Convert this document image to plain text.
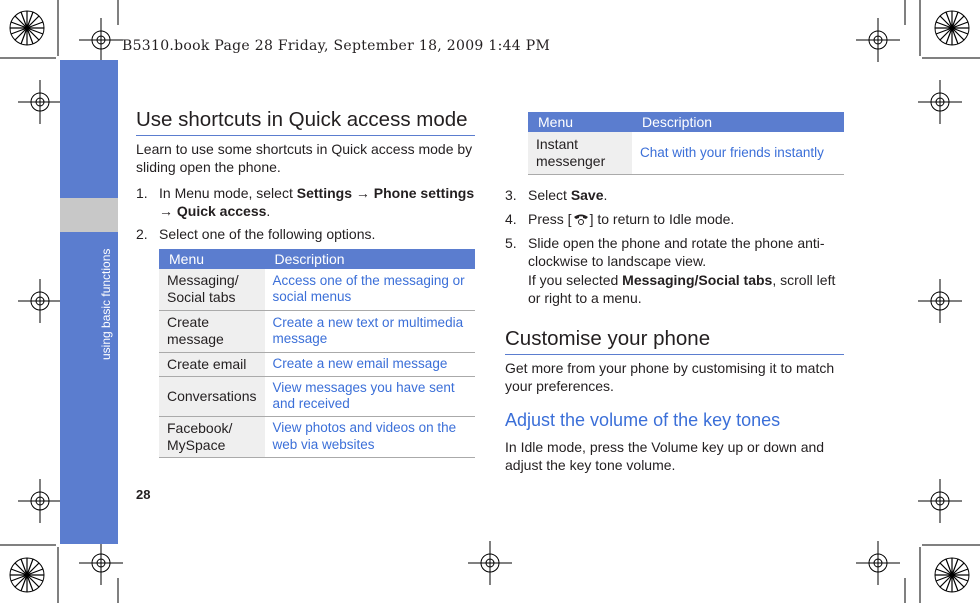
B5310.book Page 28 Friday, September 18, 2009 1:44 PM
using basic functions
28
Use shortcuts in Quick access mode
Learn to use some shortcuts in Quick access mode by sliding open the phone.
1. In Menu mode, select Settings → Phone settings → Quick access.
2. Select one of the following options.
Menu	Description
Messaging/ Social tabs	Access one of the messaging or social menus
Create message	Create a new text or multimedia message
Create email	Create a new email message
Conversations	View messages you have sent and received
Facebook/ MySpace	View photos and videos on the web via websites
Menu	Description
Instant messenger	Chat with your friends instantly
3. Select Save.
4. Press [ ] to return to Idle mode.
5. Slide open the phone and rotate the phone anti-clockwise to landscape view.
If you selected Messaging/Social tabs, scroll left or right to a menu.
Customise your phone
Get more from your phone by customising it to match your preferences.
Adjust the volume of the key tones
In Idle mode, press the Volume key up or down and adjust the key tone volume.
